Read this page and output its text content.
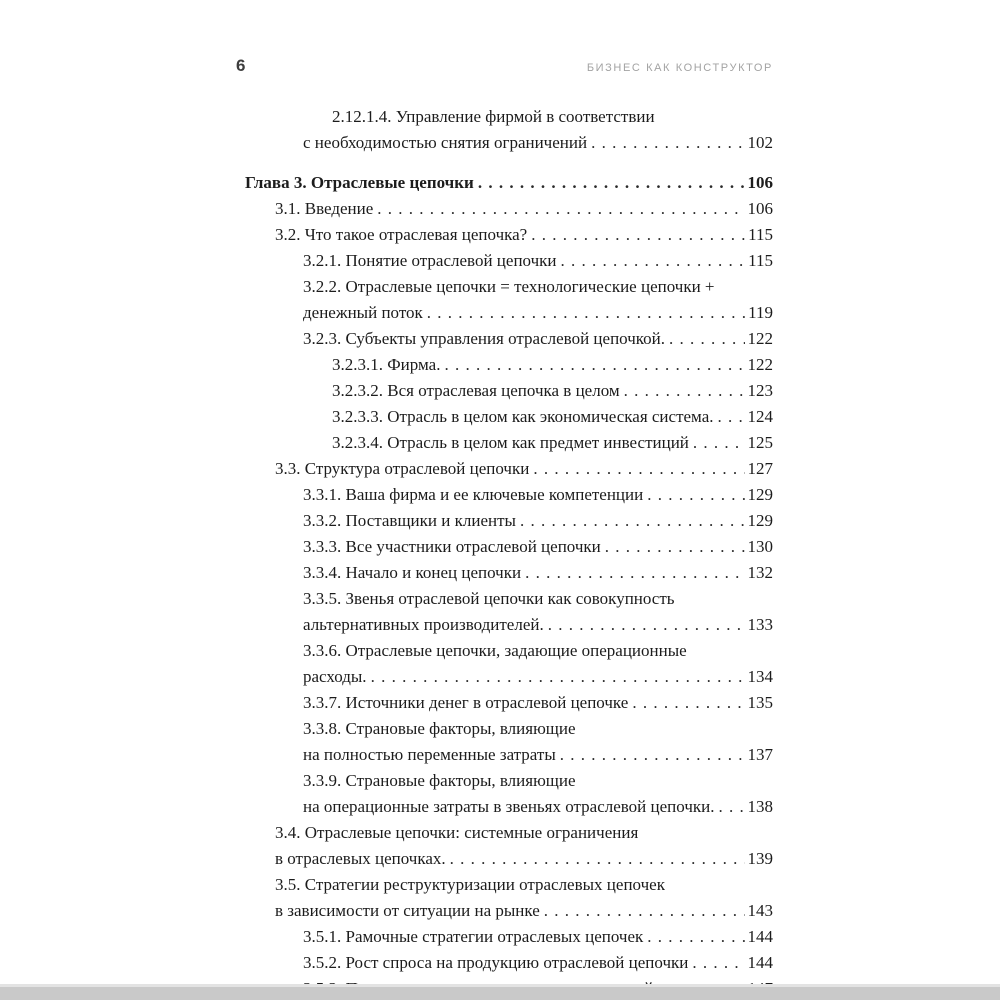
6	БИЗНЕС КАК КОНСТРУКТОР
2.12.1.4. Управление фирмой в соответствии
с необходимостью снятия ограничений . . .	102
Глава 3. Отраслевые цепочки . . .	106
3.1. Введение . . .	106
3.2. Что такое отраслевая цепочка? . . .	115
3.2.1. Понятие отраслевой цепочки . . .	115
3.2.2. Отраслевые цепочки = технологические цепочки +
денежный поток . . .	119
3.2.3. Субъекты управления отраслевой цепочкой. . . .	122
3.2.3.1. Фирма. . . .	122
3.2.3.2. Вся отраслевая цепочка в целом . . .	123
3.2.3.3. Отрасль в целом как экономическая система. . . . 124
3.2.3.4. Отрасль в целом как предмет инвестиций . . .	125
3.3. Структура отраслевой цепочки . . .	127
3.3.1. Ваша фирма и ее ключевые компетенции . . .	129
3.3.2. Поставщики и клиенты . . .	129
3.3.3. Все участники отраслевой цепочки . . .	130
3.3.4. Начало и конец цепочки . . .	132
3.3.5. Звенья отраслевой цепочки как совокупность
альтернативных производителей. . . .	133
3.3.6. Отраслевые цепочки, задающие операционные
расходы. . . .	134
3.3.7. Источники денег в отраслевой цепочке . . .	135
3.3.8. Страновые факторы, влияющие
на полностью переменные затраты . . .	137
3.3.9. Страновые факторы, влияющие
на операционные затраты в звеньях отраслевой цепочки. . . . 138
3.4. Отраслевые цепочки: системные ограничения
в отраслевых цепочках. . . .	139
3.5. Стратегии реструктуризации отраслевых цепочек
в зависимости от ситуации на рынке . . .	143
3.5.1. Рамочные стратегии отраслевых цепочек . . .	144
3.5.2. Рост спроса на продукцию отраслевой цепочки . . .	144
. . .
